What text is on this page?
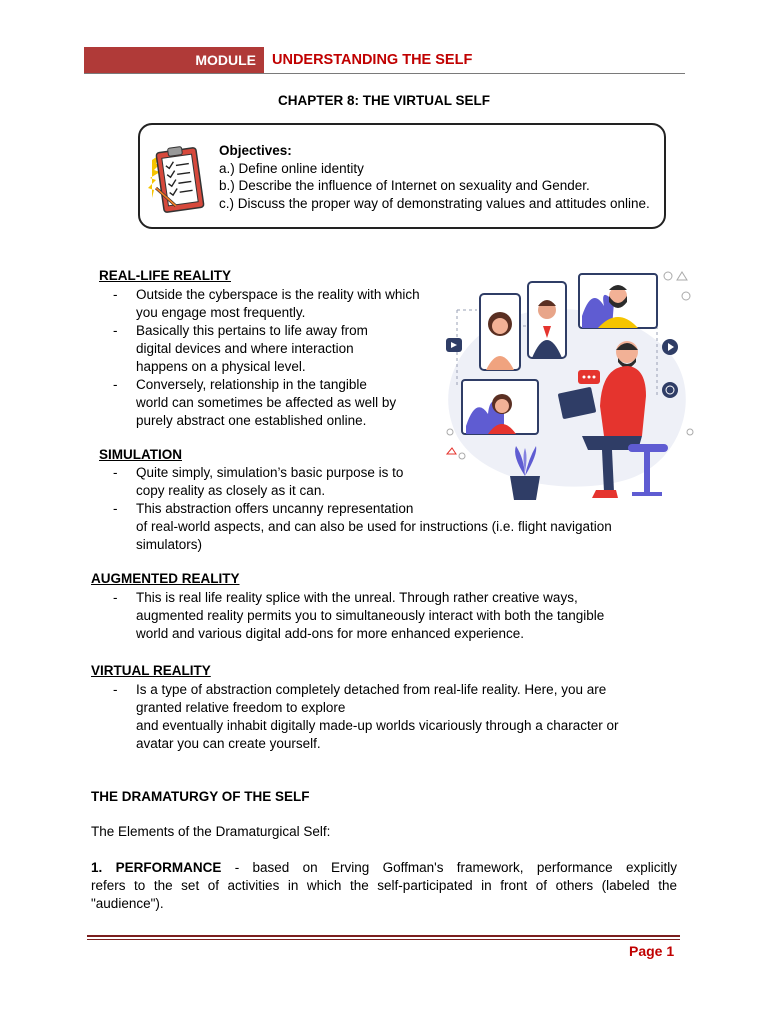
MODULE	UNDERSTANDING THE SELF
CHAPTER 8: THE VIRTUAL SELF
Objectives:
a.) Define online identity
b.) Describe the influence of Internet on sexuality and Gender.
c.) Discuss the proper way of demonstrating values and attitudes online.
REAL-LIFE REALITY
- Outside the cyberspace is the reality with which
you engage most frequently.
- Basically this pertains to life away from
digital devices and where interaction
happens on a physical level.
- Conversely, relationship in the tangible
world can sometimes be affected as well by
purely abstract one established online.
SIMULATION
- Quite simply, simulation’s basic purpose is to
copy reality as closely as it can.
- This abstraction offers uncanny representation
of real-world aspects, and can also be used for instructions (i.e. flight navigation
simulators)
AUGMENTED REALITY
- This is real life reality splice with the unreal. Through rather creative ways,
augmented reality permits you to simultaneously interact with both the tangible
world and various digital add-ons for more enhanced experience.
VIRTUAL REALITY
- Is a type of abstraction completely detached from real-life reality. Here, you are
granted relative freedom to explore
and eventually inhabit digitally made-up worlds vicariously through a character or
avatar you can create yourself.
THE DRAMATURGY OF THE SELF
The Elements of the Dramaturgical Self:
1. PERFORMANCE - based on Erving Goffman's framework, performance explicitly
refers to the set of activities in which the self-participated in front of others (labeled the
"audience").
Page 1
